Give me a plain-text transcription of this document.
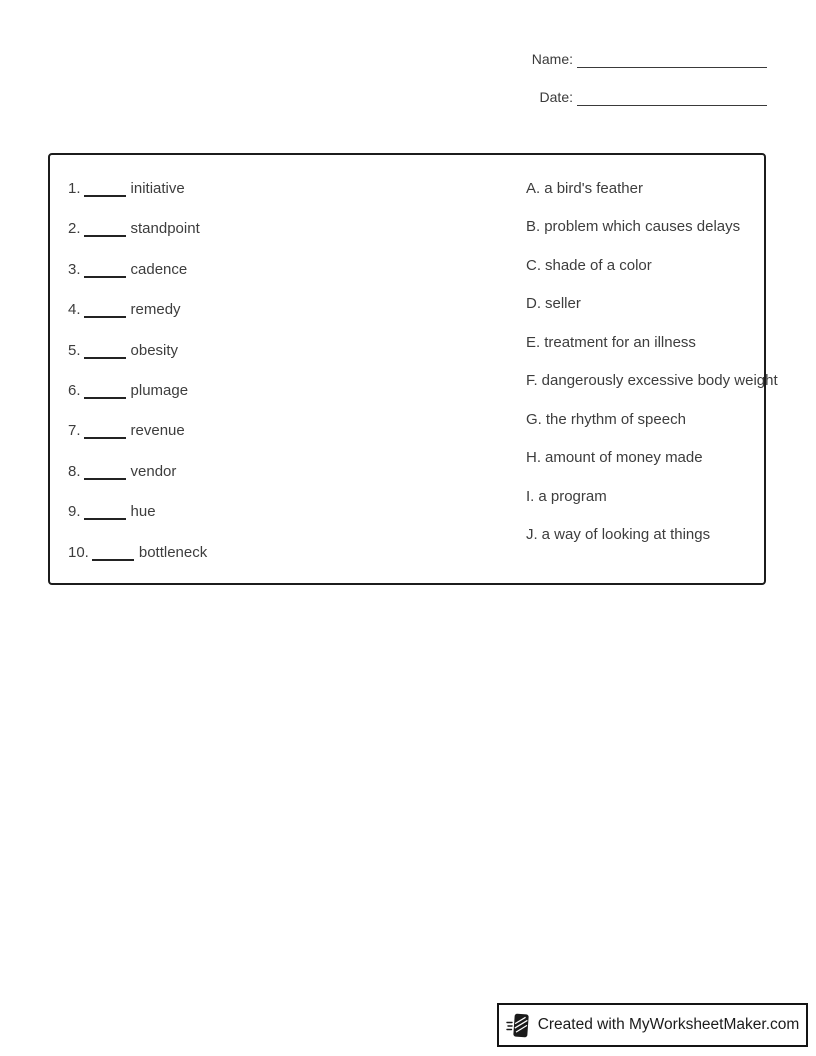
Name:
Date:
1.	initiative
2.	standpoint
3.	cadence
4.	remedy
5.	obesity
6.	plumage
7.	revenue
8.	vendor
9.	hue
10.	bottleneck
A. a bird's feather
B. problem which causes delays
C. shade of a color
D. seller
E. treatment for an illness
F. dangerously excessive body weight
G. the rhythm of speech
H. amount of money made
I. a program
J. a way of looking at things
Created with MyWorksheetMaker.com
